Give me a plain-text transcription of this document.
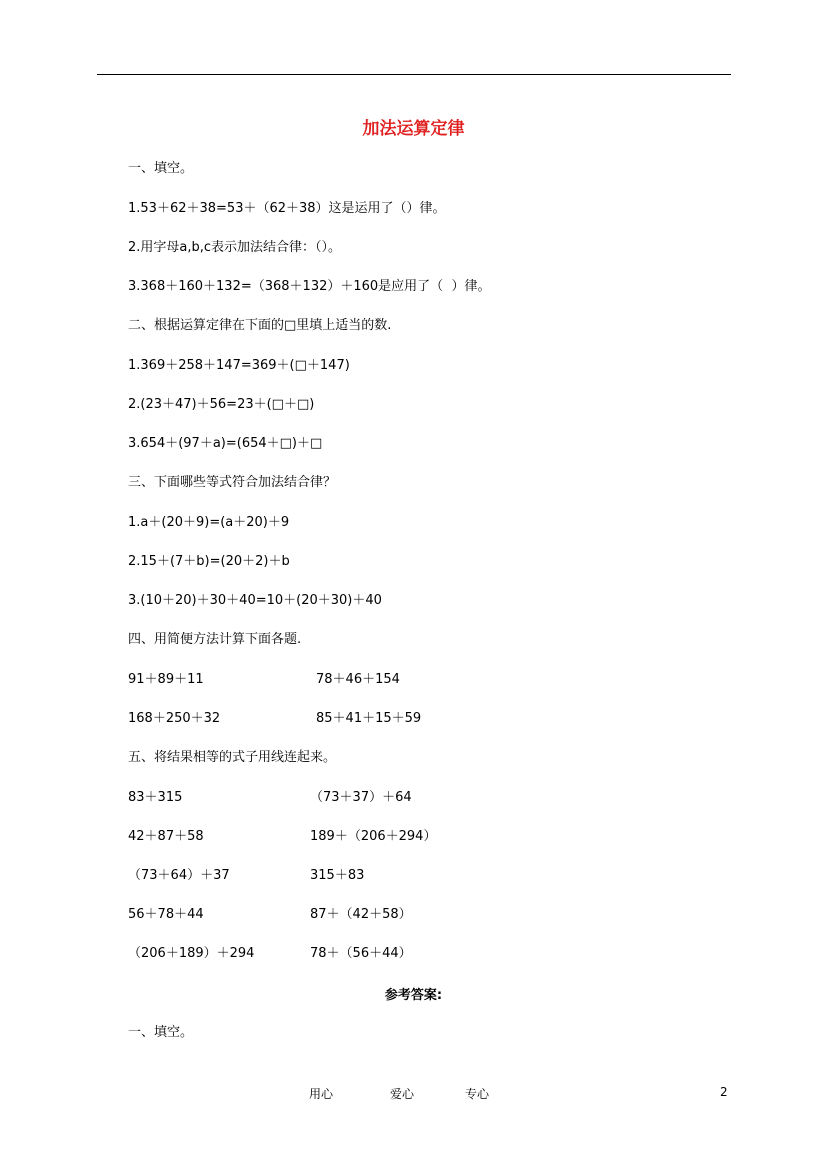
加法运算定律
一、填空。
1.53＋62＋38=53＋（62＋38）这是运用了（）律。
2.用字母a,b,c表示加法结合律：（）。
3.368＋160＋132=（368＋132）＋160是应用了（  ）律。
二、根据运算定律在下面的□里填上适当的数.
1.369＋258＋147=369＋(□＋147)
2.(23＋47)＋56=23＋(□＋□)
3.654＋(97＋a)=(654＋□)＋□
三、下面哪些等式符合加法结合律？
1.a＋(20＋9)=(a＋20)＋9
2.15＋(7＋b)=(20＋2)＋b
3.(10＋20)＋30＋40=10＋(20＋30)＋40
四、用简便方法计算下面各题.
91＋89＋11	78＋46＋154
168＋250＋32	85＋41＋15＋59
五、将结果相等的式子用线连起来。
83＋315	（73＋37）＋64
42＋87＋58	189＋（206＋294）
（73＋64）＋37	315＋83
56＋78＋44	87＋（42＋58）
（206＋189）＋294	78＋（56＋44）
参考答案:
一、填空。
用心	爱心	专心	2
